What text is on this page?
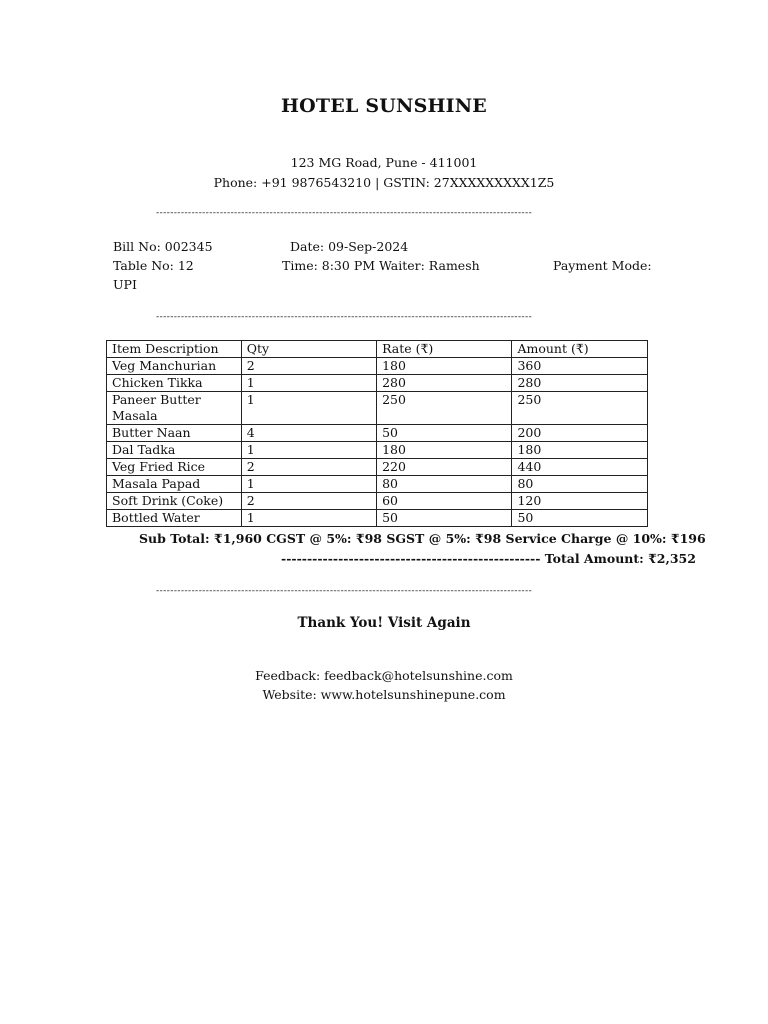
HOTEL SUNSHINE
123 MG Road, Pune - 411001
Phone: +91 9876543210 | GSTIN: 27XXXXXXXXX1Z5
----------------------------------------------------------------------------------------------------------
Bill No: 002345	Date: 09-Sep-2024
Table No: 12	Time: 8:30 PM Waiter: Ramesh	Payment Mode:
UPI
----------------------------------------------------------------------------------------------------------
Item Description	Qty	Rate (₹)	Amount (₹)
Veg Manchurian	2	180	360
Chicken Tikka	1	280	280
Paneer Butter Masala	1	250	250
Butter Naan	4	50	200
Dal Tadka	1	180	180
Veg Fried Rice	2	220	440
Masala Papad	1	80	80
Soft Drink (Coke)	2	60	120
Bottled Water	1	50	50
Sub Total: ₹1,960 CGST @ 5%: ₹98 SGST @ 5%: ₹98 Service Charge @ 10%: ₹196
-------------------------------------------------- Total Amount: ₹2,352
----------------------------------------------------------------------------------------------------------
Thank You! Visit Again
Feedback: feedback@hotelsunshine.com
Website: www.hotelsunshinepune.com
